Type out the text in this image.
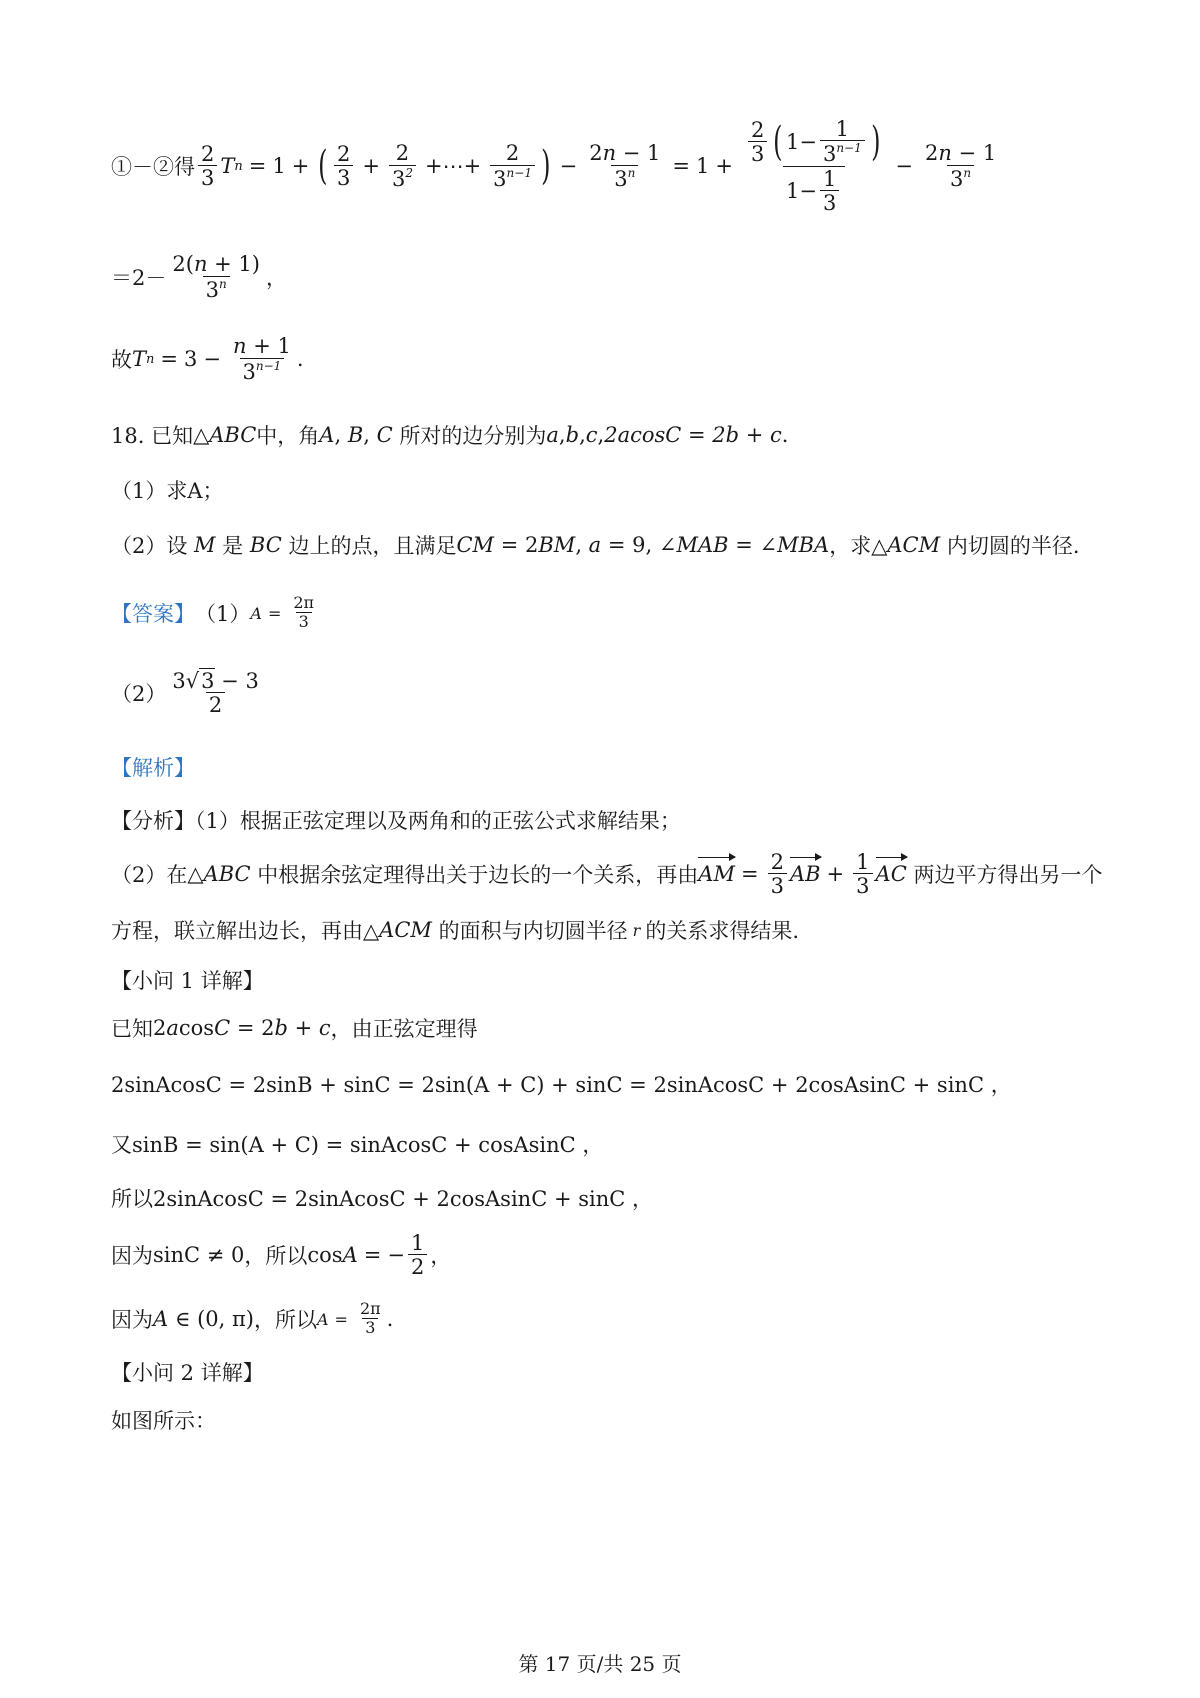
①－②得 $\frac{2}{3}$ T n = 1 + ( $\frac{2}{3} + \frac{2}{3^2}$ +⋯+ $\frac{2}{3^{n-1}}$ ) − $\frac{2n - 1}{3^n} = 1 + \frac{\frac{2}{3} ( 1- \frac{1}{3^{n-1}} )}{1- \frac{1}{3}} - \frac{2n - 1}{3^n}$
$=2- \frac{2(n + 1)}{3^n}$ ，
故 T $n = 3 - \frac{n + 1}{3^{n-1}}$ .
18. 已知 △ ABC 中，角 A , B , C
所对的边分别为 a , b , c , 2acosC = 2b + c .
（1）求A；
（2）设 M 是 BC 边上的点，且满足 CM = 2 BM , a = 9, ∠ MAB = ∠ MBA ，求△ ACM
内切圆的半径.
【答案】 （1） $A = \frac{2\pi}{3}$
$(2) \frac{3√3 - 3}{2}$
【解析】
【分析】（1）根据正弦定理以及两角和的正弦公式求解结果；
（2）在 △ ABC
中根据余弦定理得出关于边长的一个关系，再由 AM = $\frac{2}{3}$ AB + $\frac{1}{3}$ AC
两边平方得出另一个
方程，联立解出边长，再由△ ACM
的面积与内切圆半径 r 的关系求得结果.
【小问 1 详解】
已知 2acosC = 2b + c ，由正弦定理得
2sinAcosC = 2sinB + sinC = 2sin(A + C) + sinC = 2sinAcosC + 2cosAsinC + sinC ，
又 sinB = sin(A + C) = sinAcosC + cosAsinC ，
所以 2sinAcosC = 2sinAcosC + 2cosAsinC + sinC ，
因为 sinC ≠ 0 ，所以 cos A = − $\frac{1}{2}$ ，
因为 A ∈ (0, π) ，所以 $A = \frac{2\pi}{3}$ .
【小问 2 详解】
如图所示：
第 17 页/共 25 页
